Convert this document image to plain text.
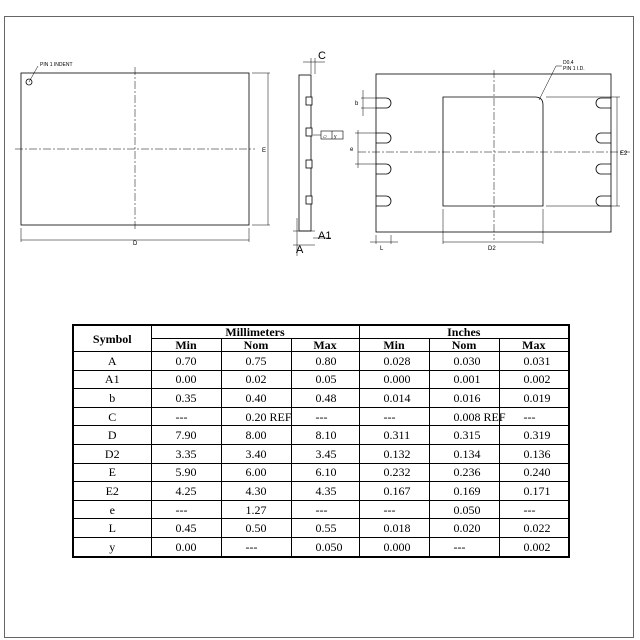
PIN 1 INDENT
D
E
C
▱ y
A1
A
D0.4
PIN 1 I.D.
b
e
L	D2
E2
Symbol	Millimeters			Inches		
	Min	Nom	Max	Min	Nom	Max
A	0.70	0.75	0.80	0.028	0.030	0.031
A1	0.00	0.02	0.05	0.000	0.001	0.002
b	0.35	0.40	0.48	0.014	0.016	0.019
C	---	0.20 REF	---	---	0.008 REF	---
D	7.90	8.00	8.10	0.311	0.315	0.319
D2	3.35	3.40	3.45	0.132	0.134	0.136
E	5.90	6.00	6.10	0.232	0.236	0.240
E2	4.25	4.30	4.35	0.167	0.169	0.171
e	---	1.27	---	---	0.050	---
L	0.45	0.50	0.55	0.018	0.020	0.022
y	0.00	---	0.050	0.000	---	0.002
